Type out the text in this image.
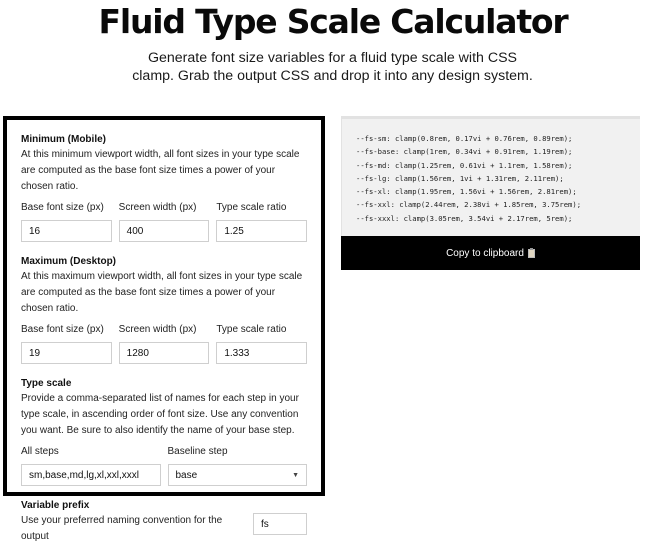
Fluid Type Scale Calculator

Generate font size variables for a fluid type scale with CSS
clamp. Grab the output CSS and drop it into any design system.

Minimum (Mobile)
At this minimum viewport width, all font sizes in your type scale are computed as the base font size times a power of your chosen ratio.
Base font size (px)
16
Screen width (px)
400
Type scale ratio
1.25
Maximum (Desktop)
At this maximum viewport width, all font sizes in your type scale are computed as the base font size times a power of your chosen ratio.
Base font size (px)
19
Screen width (px)
1280
Type scale ratio
1.333
Type scale
Provide a comma-separated list of names for each step in your type scale, in ascending order of font size. Use any convention you want. Be sure to also identify the name of your base step.
All steps
sm,base,md,lg,xl,xxl,xxxl
Baseline step
base	▼
Variable prefix
Use your preferred naming convention for the output
fs
--fs-sm: clamp(0.8rem, 0.17vi + 0.76rem, 0.89rem);
--fs-base: clamp(1rem, 0.34vi + 0.91rem, 1.19rem);
--fs-md: clamp(1.25rem, 0.61vi + 1.1rem, 1.58rem);
--fs-lg: clamp(1.56rem, 1vi + 1.31rem, 2.11rem);
--fs-xl: clamp(1.95rem, 1.56vi + 1.56rem, 2.81rem);
--fs-xxl: clamp(2.44rem, 2.38vi + 1.85rem, 3.75rem);
--fs-xxxl: clamp(3.05rem, 3.54vi + 2.17rem, 5rem);
Copy to clipboard
